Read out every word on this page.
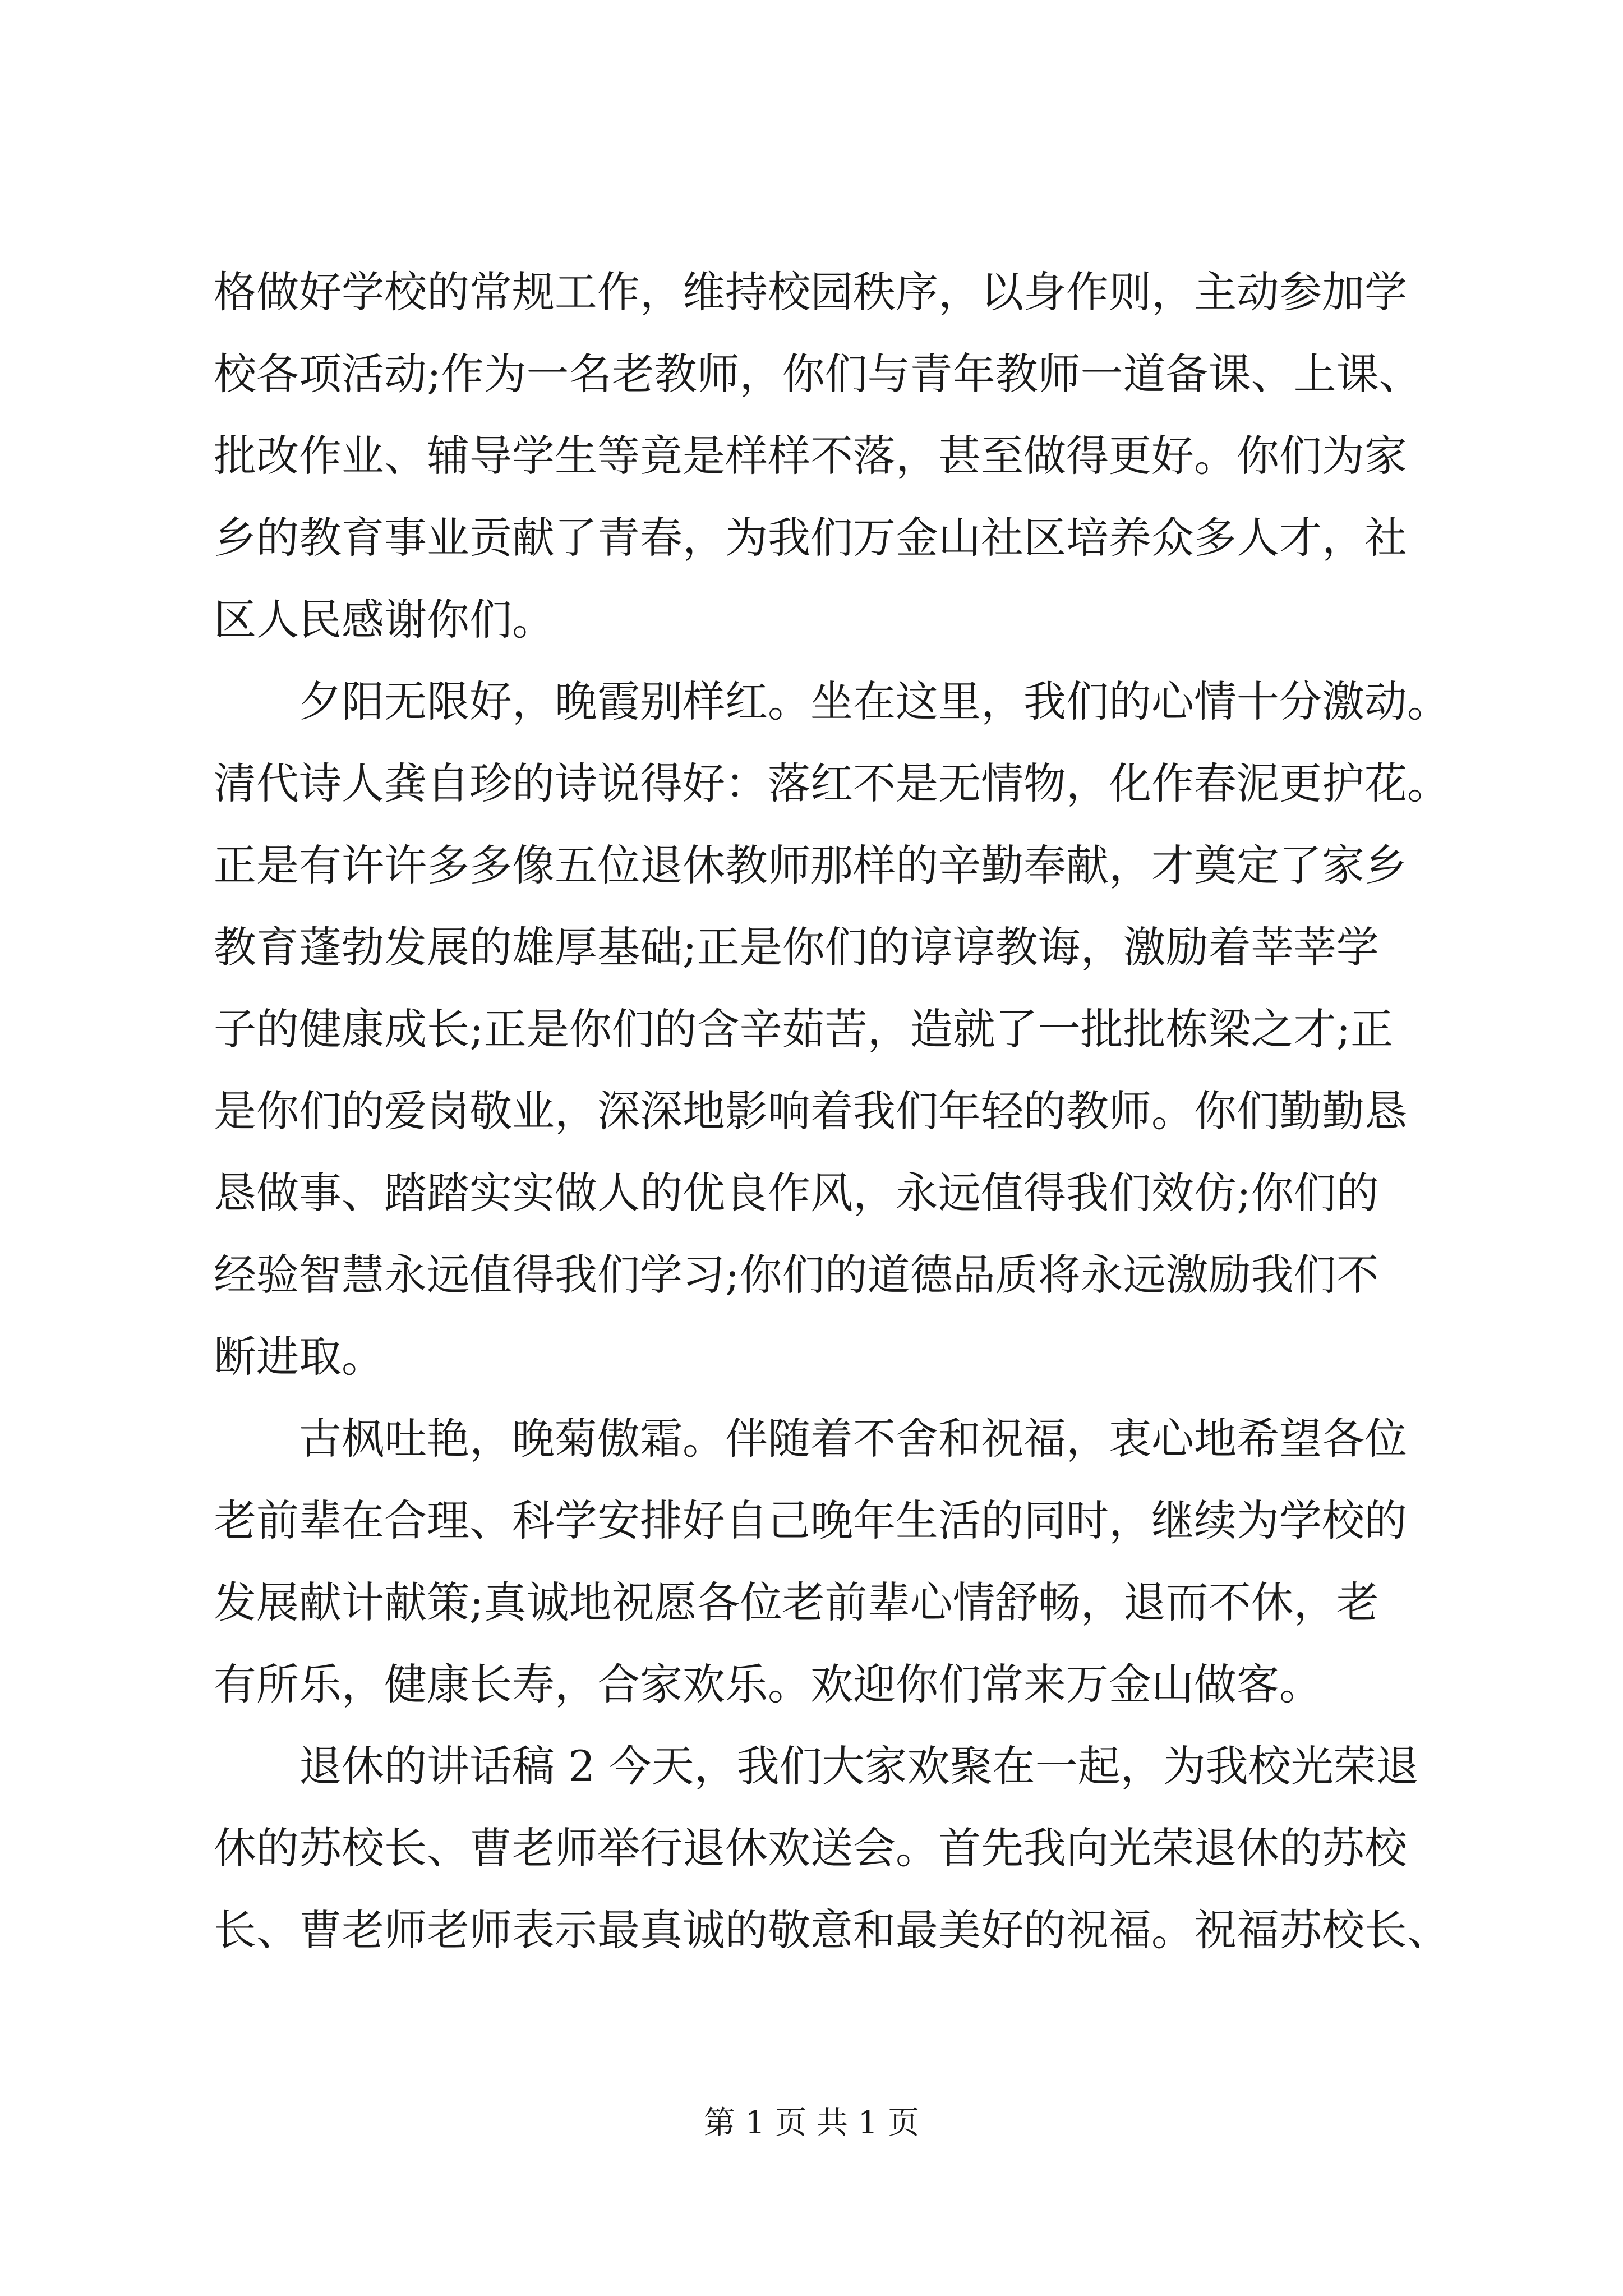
格做好学校的常规工作，维持校园秩序，以身作则，主动参加学
校各项活动;作为一名老教师，你们与青年教师一道备课、上课、
批改作业、辅导学生等竟是样样不落，甚至做得更好。你们为家
乡的教育事业贡献了青春，为我们万金山社区培养众多人才，社
区人民感谢你们。
　　夕阳无限好，晚霞别样红。坐在这里，我们的心情十分激动。
清代诗人龚自珍的诗说得好：落红不是无情物，化作春泥更护花。
正是有许许多多像五位退休教师那样的辛勤奉献，才奠定了家乡
教育蓬勃发展的雄厚基础;正是你们的谆谆教诲，激励着莘莘学
子的健康成长;正是你们的含辛茹苦，造就了一批批栋梁之才;正
是你们的爱岗敬业，深深地影响着我们年轻的教师。你们勤勤恳
恳做事、踏踏实实做人的优良作风，永远值得我们效仿;你们的
经验智慧永远值得我们学习;你们的道德品质将永远激励我们不
断进取。
　　古枫吐艳，晚菊傲霜。伴随着不舍和祝福，衷心地希望各位
老前辈在合理、科学安排好自己晚年生活的同时，继续为学校的
发展献计献策;真诚地祝愿各位老前辈心情舒畅，退而不休，老
有所乐，健康长寿，合家欢乐。欢迎你们常来万金山做客。
　　退休的讲话稿 2 今天，我们大家欢聚在一起，为我校光荣退
休的苏校长、曹老师举行退休欢送会。首先我向光荣退休的苏校
长、曹老师老师表示最真诚的敬意和最美好的祝福。祝福苏校长、
第 1 页 共 1 页
